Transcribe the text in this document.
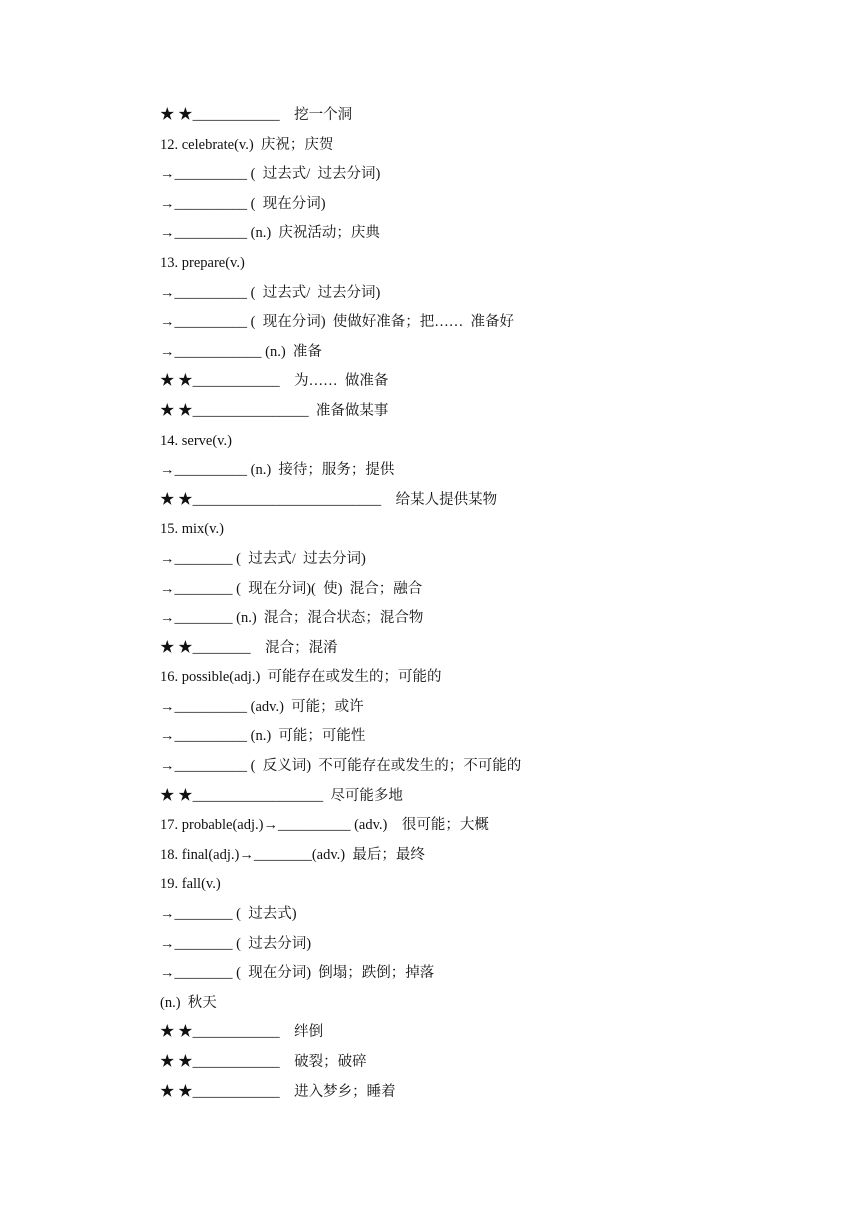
★ ★____________    挖一个洞
12. celebrate(v.)  庆祝；庆贺
→__________ (  过去式/  过去分词)
→__________ (  现在分词)
→__________ (n.)  庆祝活动；庆典
13. prepare(v.)
→__________ (  过去式/  过去分词)
→__________ (  现在分词)  使做好准备；把……  准备好
→____________ (n.)  准备
★ ★____________    为……  做准备
★ ★________________  准备做某事
14. serve(v.)
→__________ (n.)  接待；服务；提供
★ ★__________________________    给某人提供某物
15. mix(v.)
→________ (  过去式/  过去分词)
→________ (  现在分词)(  使)  混合；融合
→________ (n.)  混合；混合状态；混合物
★ ★________    混合；混淆
16. possible(adj.)  可能存在或发生的；可能的
→__________ (adv.)  可能；或许
→__________ (n.)  可能；可能性
→__________ (  反义词)  不可能存在或发生的；不可能的
★ ★__________________  尽可能多地
17. probable(adj.)→__________ (adv.)    很可能；大概
18. final(adj.)→________(adv.)  最后；最终
19. fall(v.)
→________ (  过去式)
→________ (  过去分词)
→________ (  现在分词)  倒塌；跌倒；掉落
(n.)  秋天
★ ★____________    绊倒
★ ★____________    破裂；破碎
★ ★____________    进入梦乡；睡着
